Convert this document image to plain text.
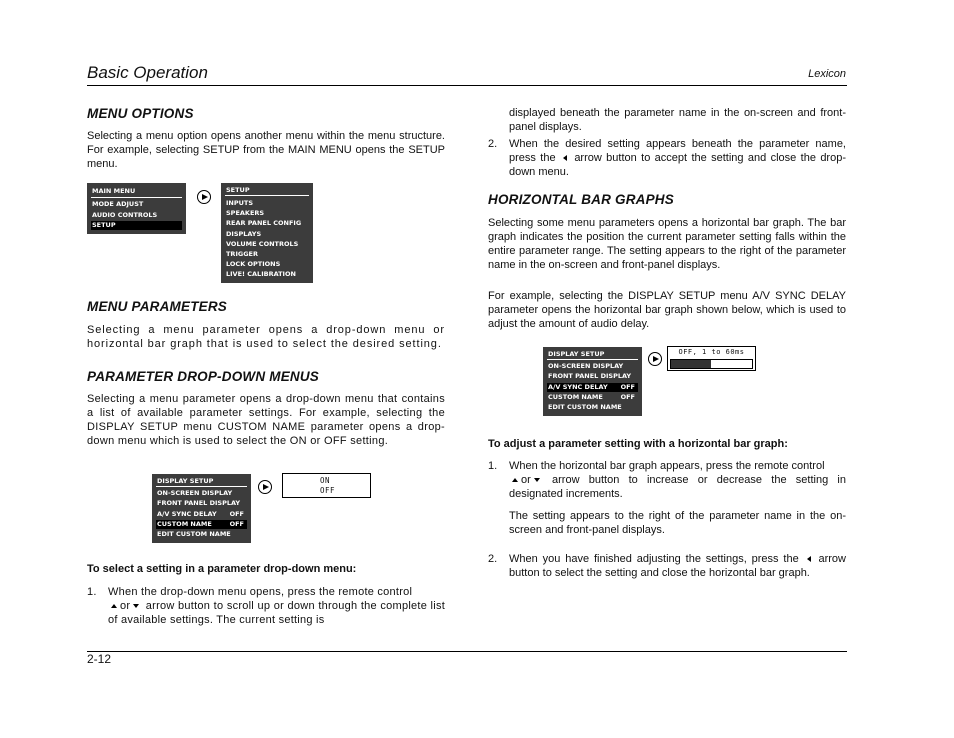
Basic Operation	Lexicon
MENU OPTIONS

Selecting a menu option opens another menu within the menu structure. For example, selecting SETUP from the MAIN MENU opens the SETUP menu.

MAIN MENU
MODE ADJUST
AUDIO CONTROLS
SETUP
SETUP
INPUTS
SPEAKERS
REAR PANEL CONFIG
DISPLAYS
VOLUME CONTROLS
TRIGGER
LOCK OPTIONS
LIVE! CALIBRATION
MENU PARAMETERS

Selecting a menu parameter opens a drop-down menu or horizontal bar graph that is used to select the desired setting.

PARAMETER DROP-DOWN MENUS

Selecting a menu parameter opens a drop-down menu that contains a list of available parameter settings. For example, selecting the DISPLAY SETUP menu CUSTOM NAME parameter opens a drop-down menu which is used to select the ON or OFF setting.

DISPLAY SETUP
ON-SCREEN DISPLAY
FRONT PANEL DISPLAY
A/V SYNC DELAY OFF
CUSTOM NAME	OFF
EDIT CUSTOM NAME
ON
OFF
To select a setting in a parameter drop-down menu:
1. When the drop-down menu opens, press the remote control
or arrow button to scroll up or down through the complete list of available settings. The current setting is

displayed beneath the parameter name in the on-screen and front-panel displays.

2. When the desired setting appears beneath the parameter name, press the arrow button to accept the setting and close the drop-down menu.
HORIZONTAL BAR GRAPHS

Selecting some menu parameters opens a horizontal bar graph. The bar graph indicates the position the current parameter setting falls within the entire parameter range. The setting appears to the right of the parameter name in the on-screen and front-panel displays.

For example, selecting the DISPLAY SETUP menu A/V SYNC DELAY parameter opens the horizontal bar graph shown below, which is used to adjust the amount of audio delay.

DISPLAY SETUP
ON-SCREEN DISPLAY
FRONT PANEL DISPLAY
A/V SYNC DELAY OFF
CUSTOM NAME	OFF
EDIT CUSTOM NAME
OFF, 1 to 60ms
To adjust a parameter setting with a horizontal bar graph:
1. When the horizontal bar graph appears, press the remote control
or arrow button to increase or decrease the setting in designated increments.

The setting appears to the right of the parameter name in the on-screen and front-panel displays.

2. When you have finished adjusting the settings, press the arrow button to select the setting and close the horizontal bar graph.
2-12
